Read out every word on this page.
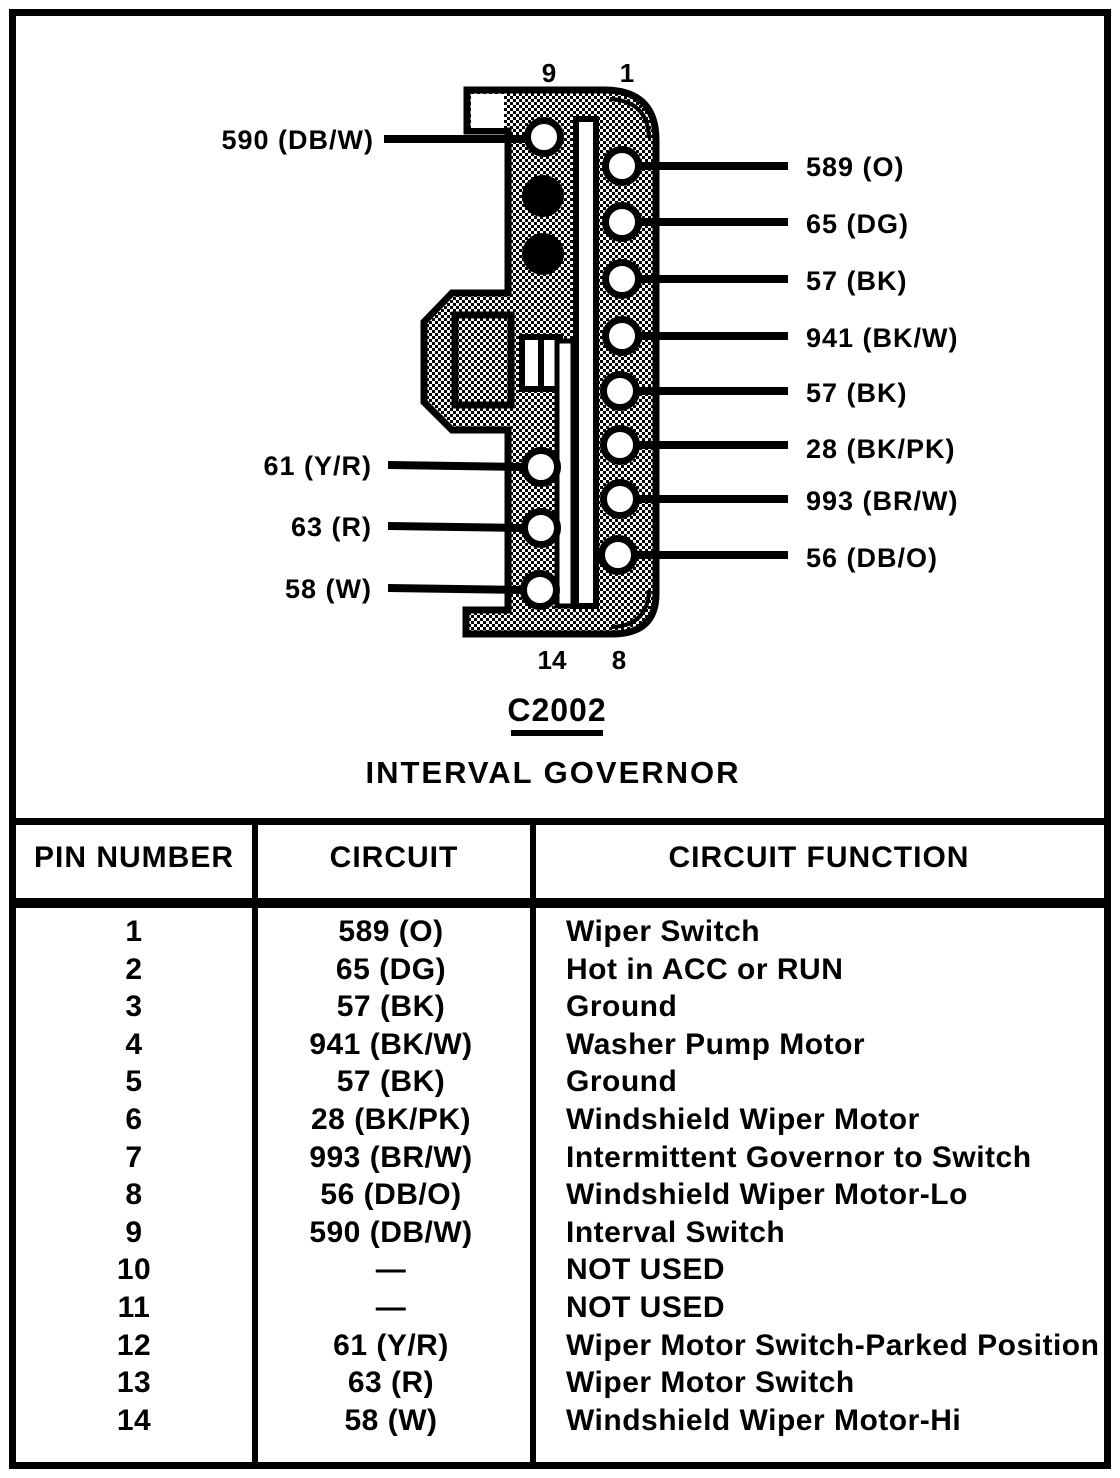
9 1
14 8
590 (DB/W)
61 (Y/R)
63 (R)
58 (W)
589 (O)
65 (DG)
57 (BK)
941 (BK/W)
57 (BK)
28 (BK/PK)
993 (BR/W)
56 (DB/O)
C2002
INTERVAL GOVERNOR
PIN NUMBER	CIRCUIT	CIRCUIT FUNCTION
1	589 (O)	Wiper Switch
2	65 (DG)	Hot in ACC or RUN
3	57 (BK)	Ground
4	941 (BK/W)	Washer Pump Motor
5	57 (BK)	Ground
6	28 (BK/PK)	Windshield Wiper Motor
7	993 (BR/W)	Intermittent Governor to Switch
8	56 (DB/O)	Windshield Wiper Motor-Lo
9	590 (DB/W)	Interval Switch
10	—	NOT USED
11	—	NOT USED
12	61 (Y/R)	Wiper Motor Switch-Parked Position
13	63 (R)	Wiper Motor Switch
14	58 (W)	Windshield Wiper Motor-Hi
